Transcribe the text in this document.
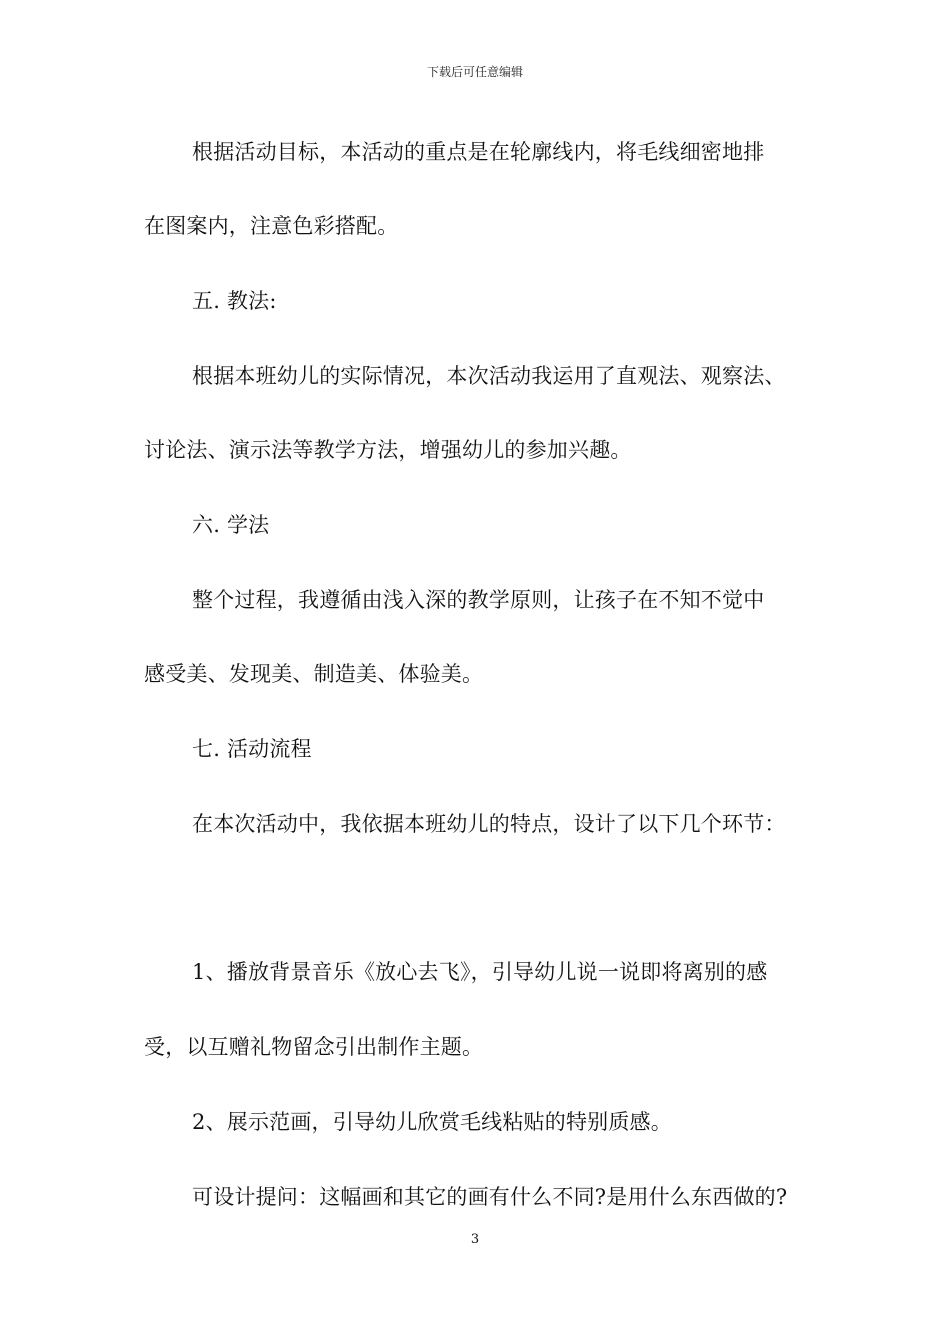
下载后可任意编辑
根据活动目标，本活动的重点是在轮廓线内，将毛线细密地排
在图案内，注意色彩搭配。
五. 教法:
根据本班幼儿的实际情况，本次活动我运用了直观法、观察法、
讨论法、演示法等教学方法，增强幼儿的参加兴趣。
六. 学法
整个过程，我遵循由浅入深的教学原则，让孩子在不知不觉中
感受美、发现美、制造美、体验美。
七. 活动流程
在本次活动中，我依据本班幼儿的特点，设计了以下几个环节：
1、播放背景音乐《放心去飞》，引导幼儿说一说即将离别的感
受，以互赠礼物留念引出制作主题。
2、展示范画，引导幼儿欣赏毛线粘贴的特别质感。
可设计提问：这幅画和其它的画有什么不同?是用什么东西做的?
3
